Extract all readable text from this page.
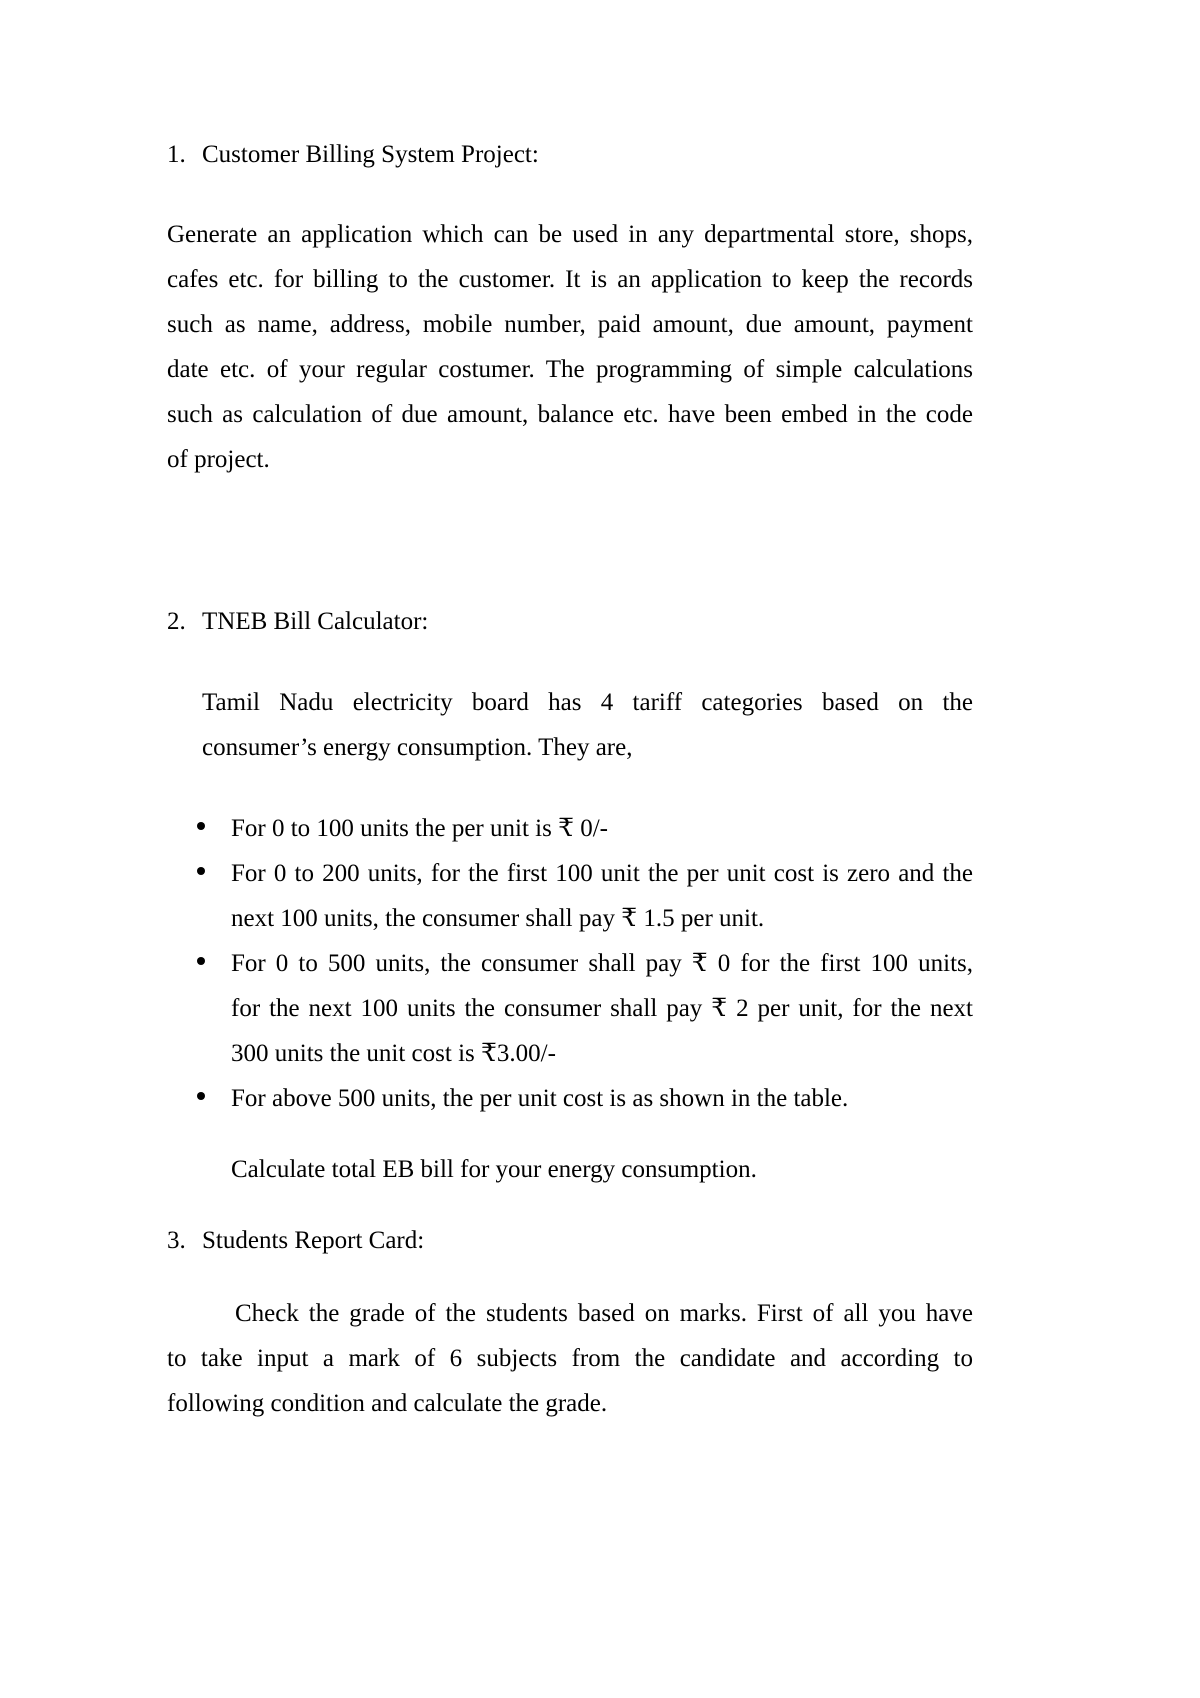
1. Customer Billing System Project:
Generate an application which can be used in any departmental store, shops,
cafes etc. for billing to the customer. It is an application to keep the records
such as name, address, mobile number, paid amount, due amount, payment
date etc. of your regular costumer. The programming of simple calculations
such as calculation of due amount, balance etc. have been embed in the code
of project.
2. TNEB Bill Calculator:
Tamil Nadu electricity board has 4 tariff categories based on the
consumer’s energy consumption. They are,
For 0 to 100 units the per unit is ₹ 0/-
For 0 to 200 units, for the first 100 unit the per unit cost is zero and the
next 100 units, the consumer shall pay ₹ 1.5 per unit.
For 0 to 500 units, the consumer shall pay ₹ 0 for the first 100 units,
for the next 100 units the consumer shall pay ₹ 2 per unit, for the next
300 units the unit cost is ₹3.00/-
For above 500 units, the per unit cost is as shown in the table.
Calculate total EB bill for your energy consumption.
3. Students Report Card:
Check the grade of the students based on marks. First of all you have
to take input a mark of 6 subjects from the candidate and according to
following condition and calculate the grade.
